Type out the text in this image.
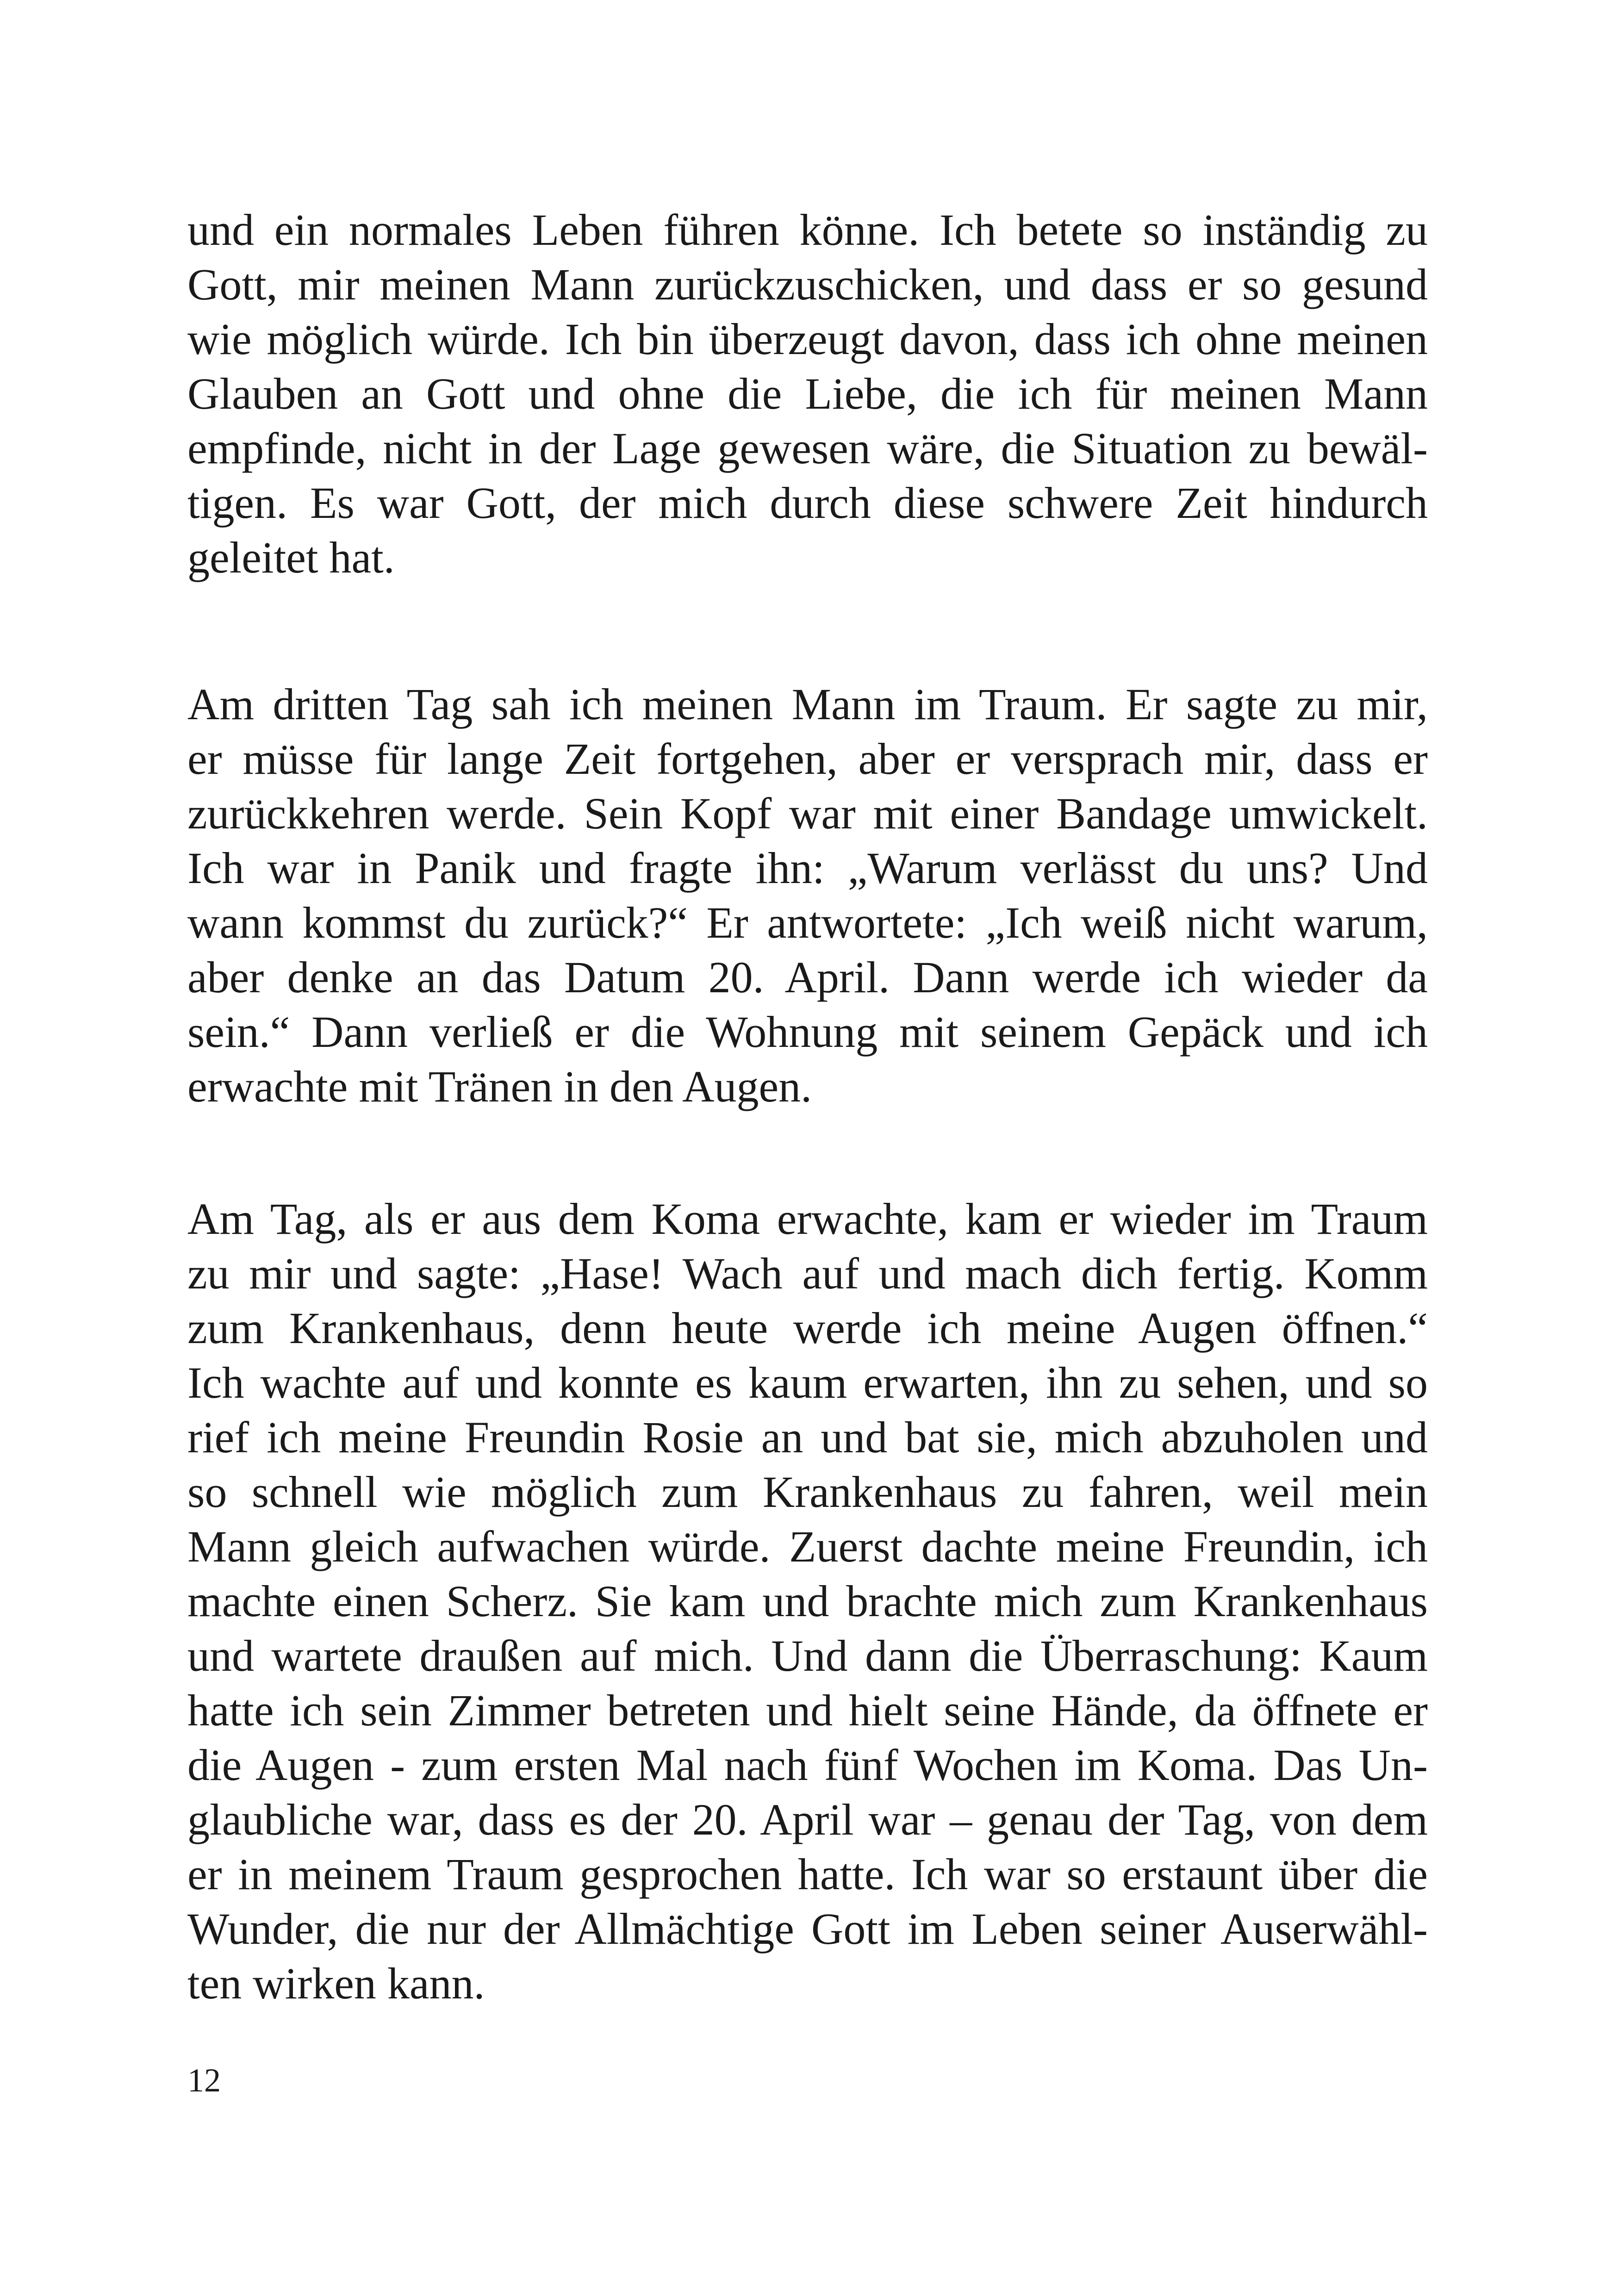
und ein normales Leben führen könne. Ich betete so inständig zu
Gott, mir meinen Mann zurückzuschicken, und dass er so gesund
wie möglich würde. Ich bin überzeugt davon, dass ich ohne meinen
Glauben an Gott und ohne die Liebe, die ich für meinen Mann
empfinde, nicht in der Lage gewesen wäre, die Situation zu bewäl-
tigen. Es war Gott, der mich durch diese schwere Zeit hindurch
geleitet hat.
Am dritten Tag sah ich meinen Mann im Traum. Er sagte zu mir,
er müsse für lange Zeit fortgehen, aber er versprach mir, dass er
zurückkehren werde. Sein Kopf war mit einer Bandage umwickelt.
Ich war in Panik und fragte ihn: „Warum verlässt du uns? Und
wann kommst du zurück?“ Er antwortete: „Ich weiß nicht warum,
aber denke an das Datum 20. April. Dann werde ich wieder da
sein.“ Dann verließ er die Wohnung mit seinem Gepäck und ich
erwachte mit Tränen in den Augen.
Am Tag, als er aus dem Koma erwachte, kam er wieder im Traum
zu mir und sagte: „Hase! Wach auf und mach dich fertig. Komm
zum Krankenhaus, denn heute werde ich meine Augen öffnen.“
Ich wachte auf und konnte es kaum erwarten, ihn zu sehen, und so
rief ich meine Freundin Rosie an und bat sie, mich abzuholen und
so schnell wie möglich zum Krankenhaus zu fahren, weil mein
Mann gleich aufwachen würde. Zuerst dachte meine Freundin, ich
machte einen Scherz. Sie kam und brachte mich zum Krankenhaus
und wartete draußen auf mich. Und dann die Überraschung: Kaum
hatte ich sein Zimmer betreten und hielt seine Hände, da öffnete er
die Augen - zum ersten Mal nach fünf Wochen im Koma. Das Un-
glaubliche war, dass es der 20. April war – genau der Tag, von dem
er in meinem Traum gesprochen hatte. Ich war so erstaunt über die
Wunder, die nur der Allmächtige Gott im Leben seiner Auserwähl-
ten wirken kann.
12
